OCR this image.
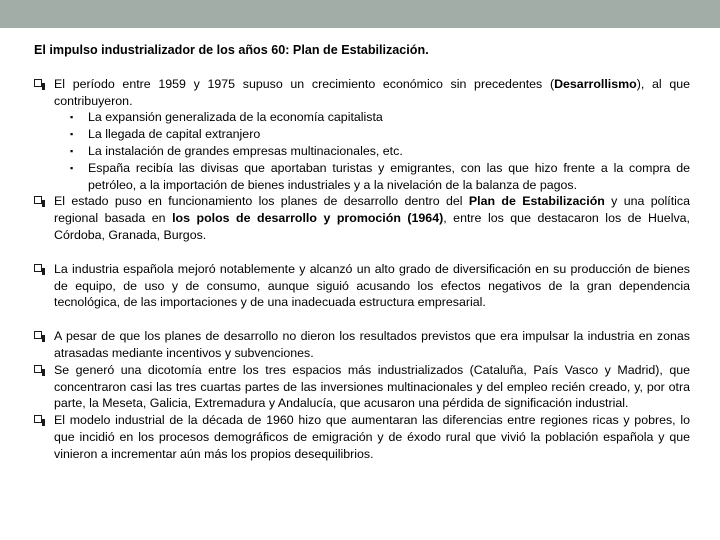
El impulso industrializador de los años 60: Plan de Estabilización.
El período entre 1959 y 1975 supuso un crecimiento económico sin precedentes (Desarrollismo), al que contribuyeron.
▪ La expansión generalizada de la economía capitalista
▪ La llegada de capital extranjero
▪ La instalación de grandes empresas multinacionales, etc.
▪ España recibía las divisas que aportaban turistas y emigrantes, con las que hizo frente a la compra de petróleo, a la importación de bienes industriales y a la nivelación de la balanza de pagos.
El estado puso en funcionamiento los planes de desarrollo dentro del Plan de Estabilización y una política regional basada en los polos de desarrollo y promoción (1964), entre los que destacaron los de Huelva, Córdoba, Granada, Burgos.
La industria española mejoró notablemente y alcanzó un alto grado de diversificación en su producción de bienes de equipo, de uso y de consumo, aunque siguió acusando los efectos negativos de la gran dependencia tecnológica, de las importaciones y de una inadecuada estructura empresarial.
A pesar de que los planes de desarrollo no dieron los resultados previstos que era impulsar la industria en zonas atrasadas mediante incentivos y subvenciones.
Se generó una dicotomía entre los tres espacios más industrializados (Cataluña, País Vasco y Madrid), que concentraron casi las tres cuartas partes de las inversiones multinacionales y del empleo recién creado, y, por otra parte, la Meseta, Galicia, Extremadura y Andalucía, que acusaron una pérdida de significación industrial.
El modelo industrial de la década de 1960 hizo que aumentaran las diferencias entre regiones ricas y pobres, lo que incidió en los procesos demográficos de emigración y de éxodo rural que vivió la población española y que vinieron a incrementar aún más los propios desequilibrios.
